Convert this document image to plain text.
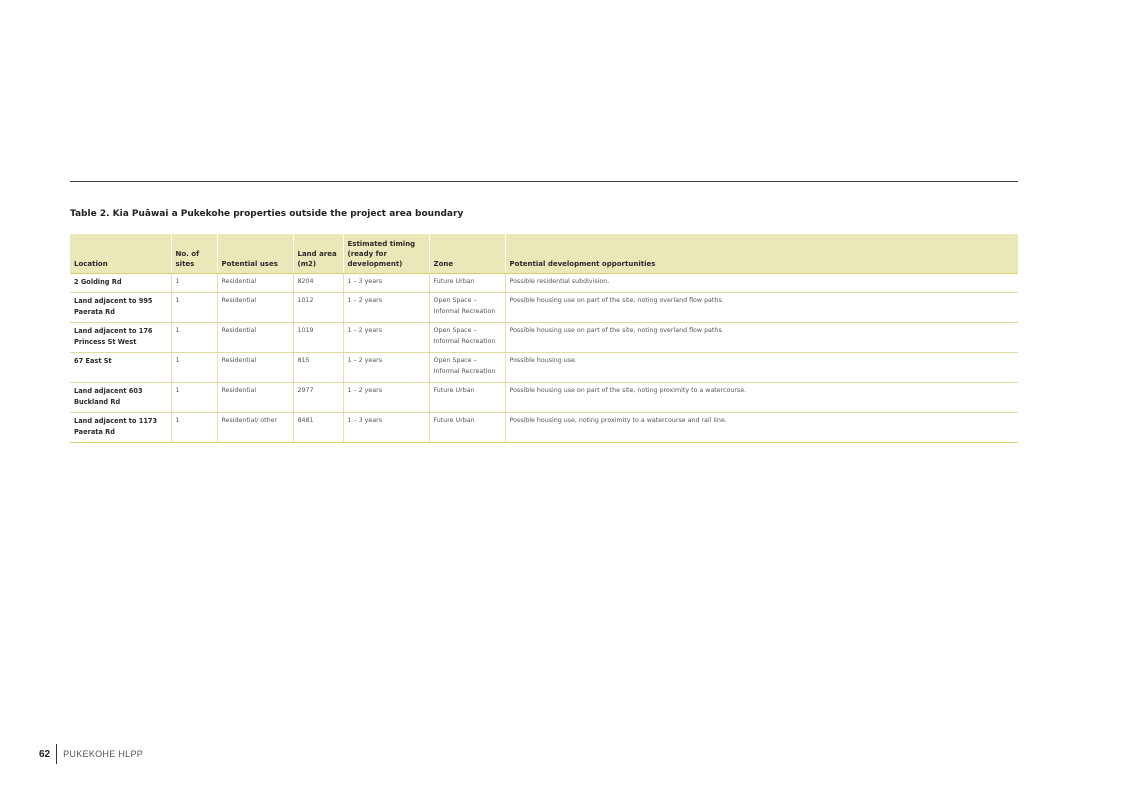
Table 2. Kia Puāwai a Pukekohe properties outside the project area boundary
Location	No. of sites	Potential uses	Land area (m2)	Estimated timing (ready for development)	Zone	Potential development opportunities
2 Golding Rd	1	Residential	8204	1 – 3 years	Future Urban	Possible residential subdivision.
Land adjacent to 995 Paerata Rd	1	Residential	1012	1 – 2 years	Open Space – Informal Recreation	Possible housing use on part of the site, noting overland flow paths.
Land adjacent to 176 Princess St West	1	Residential	1019	1 – 2 years	Open Space – Informal Recreation	Possible housing use on part of the site, noting overland flow paths.
67 East St	1	Residential	815	1 – 2 years	Open Space – Informal Recreation	Possible housing use.
Land adjacent 603 Buckland Rd	1	Residential	2977	1 – 2 years	Future Urban	Possible housing use on part of the site, noting proximity to a watercourse.
Land adjacent to 1173 Paerata Rd	1	Residential/ other	8481	1 – 3 years	Future Urban	Possible housing use, noting proximity to a watercourse and rail line.
62 PUKEKOHE HLPP
